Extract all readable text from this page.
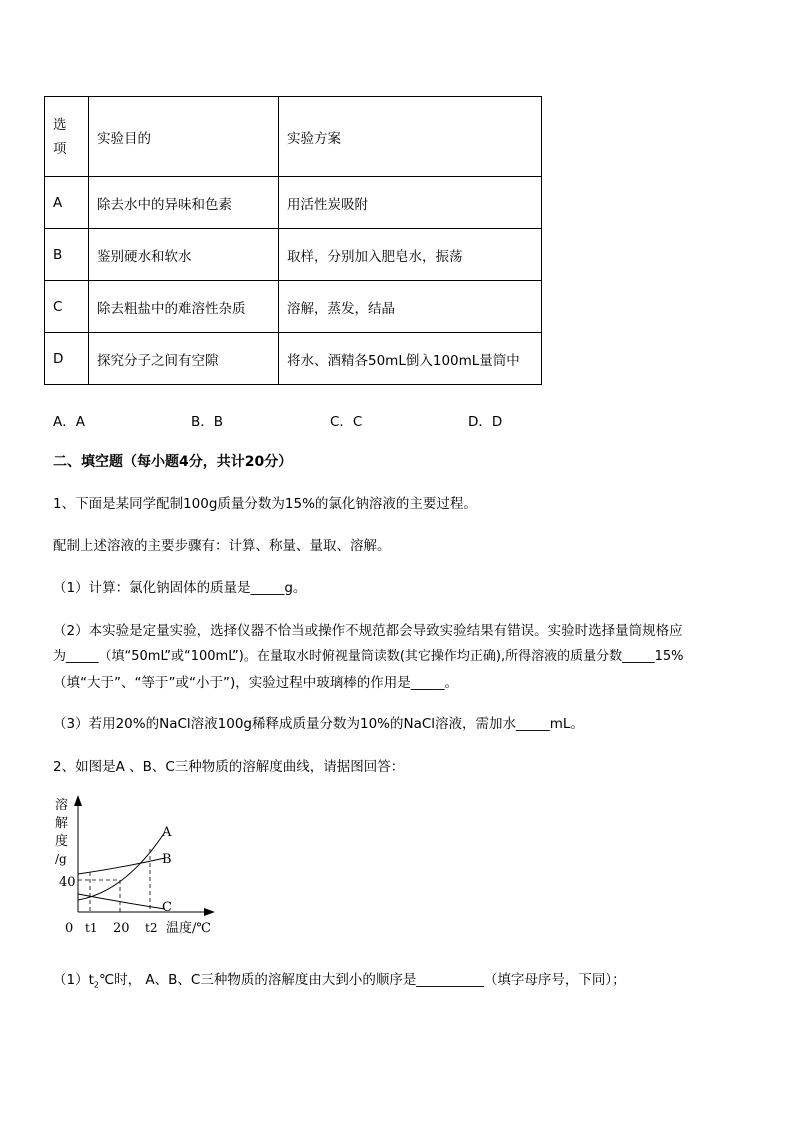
选
项	实验目的	实验方案
A	除去水中的异味和色素	用活性炭吸附
B	鉴别硬水和软水	取样，分别加入肥皂水，振荡
C	除去粗盐中的难溶性杂质	溶解，蒸发，结晶
D	探究分子之间有空隙	将水、酒精各50mL倒入100mL量筒中
A．A	B．B	C．C	D．D
二、填空题（每小题4分，共计20分）
1、下面是某同学配制100g质量分数为15%的氯化钠溶液的主要过程。
配制上述溶液的主要步骤有：计算、称量、量取、溶解。
（1）计算：氯化钠固体的质量是_____g。
（2）本实验是定量实验，选择仪器不恰当或操作不规范都会导致实验结果有错误。实验时选择量筒规格应
为_____（填“50mL”或“100mL”)。在量取水时俯视量筒读数(其它操作均正确),所得溶液的质量分数_____15%
（填“大于”、“等于”或“小于”)，实验过程中玻璃棒的作用是_____。
（3）若用20%的NaCl溶液100g稀释成质量分数为10%的NaCl溶液，需加水_____mL。
2、如图是A 、B、C三种物质的溶解度曲线，请据图回答：
溶
解
度
/g
A
B
C
40
0 t1 20 t2 温度/℃
$(1)t_2℃$时， A、B、C三种物质的溶解度由大到小的顺序是__________（填字母序号，下同）；
